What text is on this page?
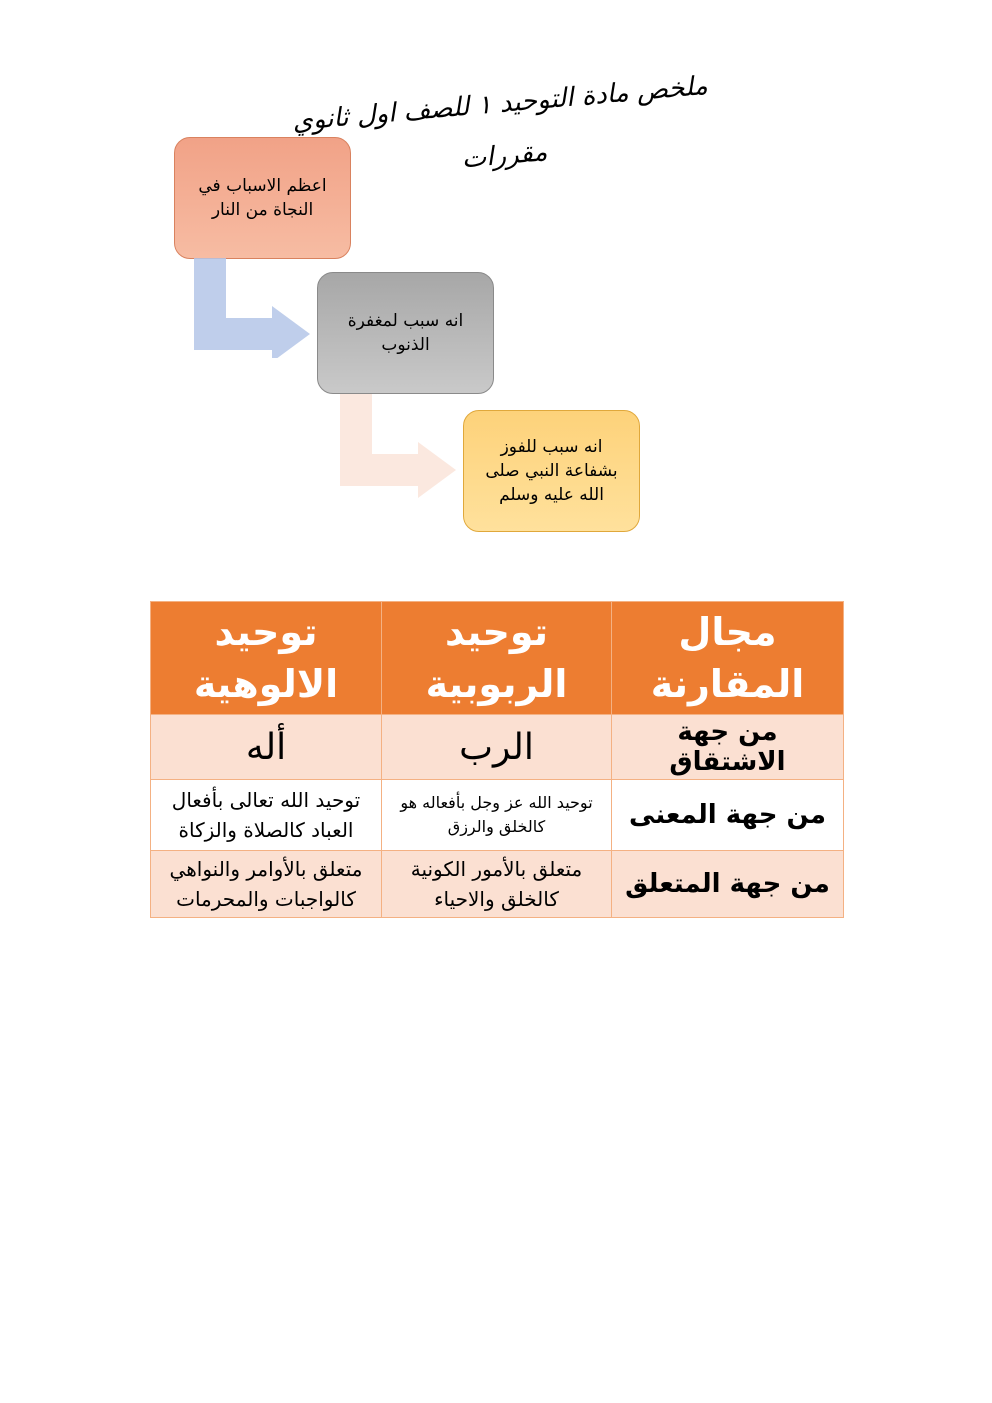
ملخص مادة التوحيد ١ للصف اول ثانوي مقررات
اعظم الاسباب في النجاة من النار
انه سبب لمغفرة الذنوب
انه سبب للفوز بشفاعة النبي صلى الله عليه وسلم
مجال المقارنة	توحيد الربوبية	توحيد الالوهية
من جهة الاشتقاق	الرب	أله
من جهة المعنى	توحيد الله عز وجل بأفعاله هو كالخلق والرزق	توحيد الله تعالى بأفعال العباد كالصلاة والزكاة
من جهة المتعلق	متعلق بالأمور الكونية كالخلق والاحياء	متعلق بالأوامر والنواهي كالواجبات والمحرمات
